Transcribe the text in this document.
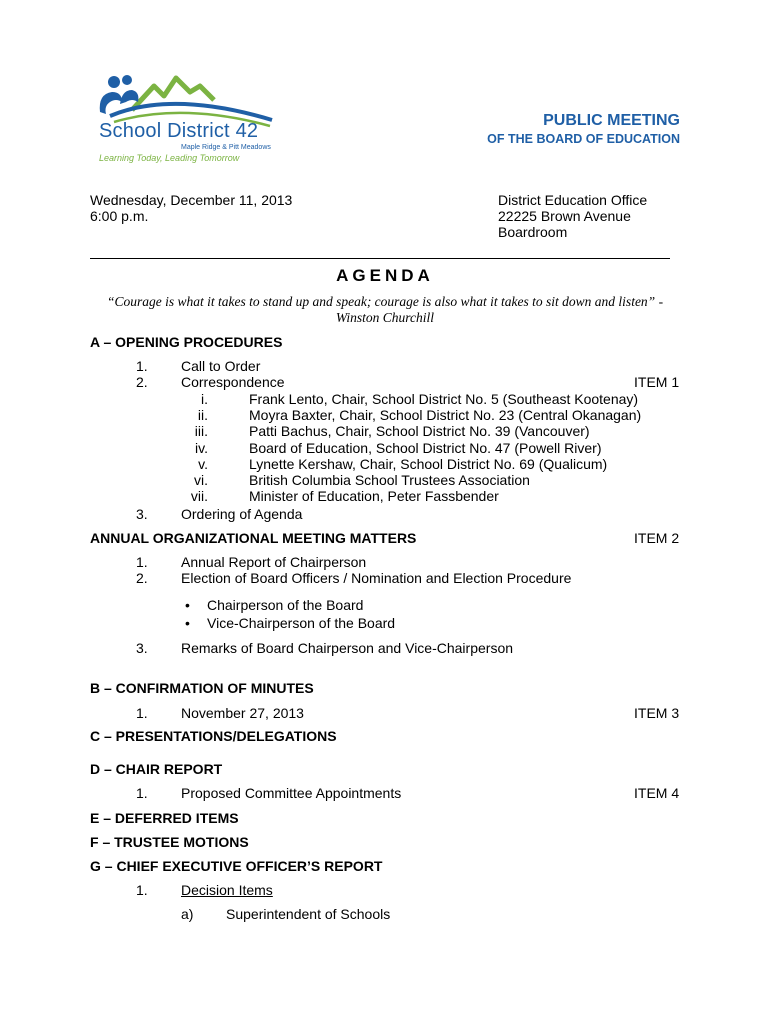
School District 42
Maple Ridge & Pitt Meadows
Learning Today, Leading Tomorrow
PUBLIC MEETING
OF THE BOARD OF EDUCATION
Wednesday, December 11, 2013
6:00 p.m.
District Education Office
22225 Brown Avenue
Boardroom
AGENDA
“Courage is what it takes to stand up and speak; courage is also what it takes to sit down and listen” -
Winston Churchill
A – OPENING PROCEDURES
1. Call to Order
2. Correspondence	ITEM 1
i.	Frank Lento, Chair, School District No. 5 (Southeast Kootenay)
ii.	Moyra Baxter, Chair, School District No. 23 (Central Okanagan)
iii.	Patti Bachus, Chair, School District No. 39 (Vancouver)
iv.	Board of Education, School District No. 47 (Powell River)
v.	Lynette Kershaw, Chair, School District No. 69 (Qualicum)
vi.	British Columbia School Trustees Association
vii.	Minister of Education, Peter Fassbender
3. Ordering of Agenda
ANNUAL ORGANIZATIONAL MEETING MATTERS	ITEM 2
1. Annual Report of Chairperson
2. Election of Board Officers / Nomination and Election Procedure
• Chairperson of the Board
• Vice-Chairperson of the Board
3. Remarks of Board Chairperson and Vice-Chairperson
B – CONFIRMATION OF MINUTES
1. November 27, 2013	ITEM 3
C – PRESENTATIONS/DELEGATIONS
D – CHAIR REPORT
1. Proposed Committee Appointments	ITEM 4
E – DEFERRED ITEMS
F – TRUSTEE MOTIONS
G – CHIEF EXECUTIVE OFFICER’S REPORT
1. Decision Items
a) Superintendent of Schools
